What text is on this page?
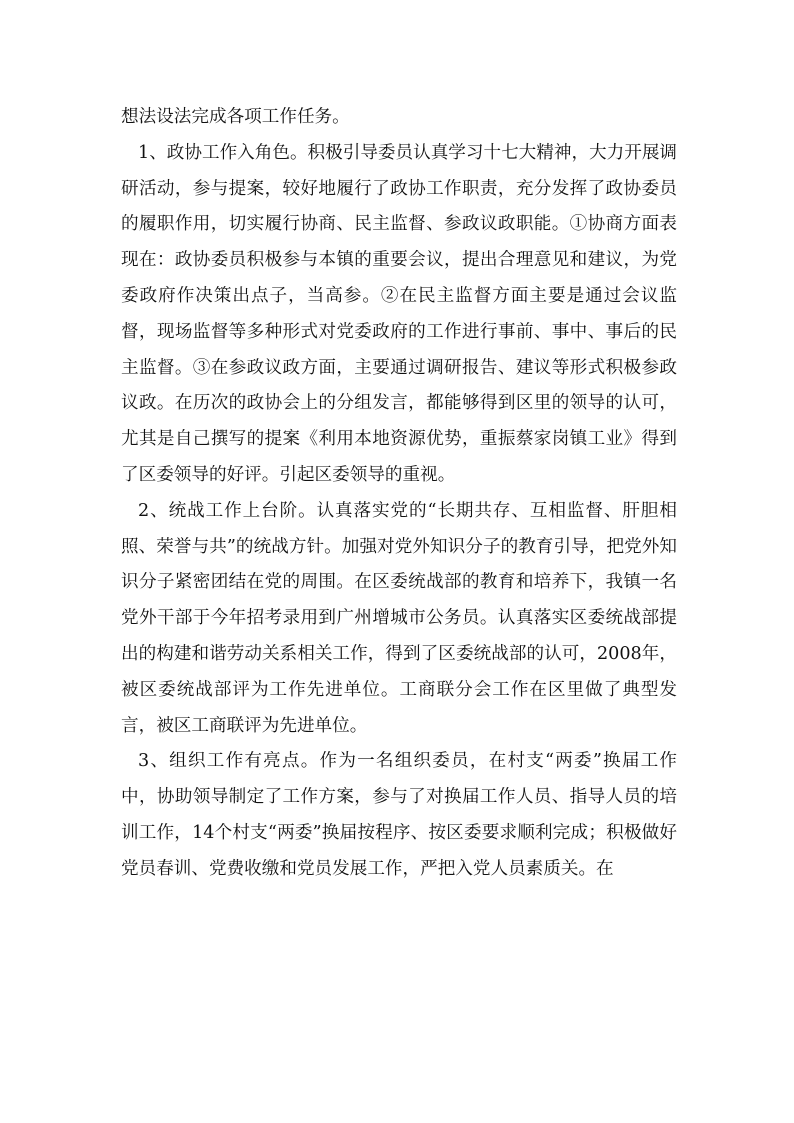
想法设法完成各项工作任务。

1、政协工作入角色。积极引导委员认真学习十七大精神，大力开展调研活动，参与提案，较好地履行了政协工作职责，充分发挥了政协委员的履职作用，切实履行协商、民主监督、参政议政职能。①协商方面表现在：政协委员积极参与本镇的重要会议，提出合理意见和建议，为党委政府作决策出点子，当高参。②在民主监督方面主要是通过会议监督，现场监督等多种形式对党委政府的工作进行事前、事中、事后的民主监督。③在参政议政方面，主要通过调研报告、建议等形式积极参政议政。在历次的政协会上的分组发言，都能够得到区里的领导的认可，尤其是自己撰写的提案《利用本地资源优势，重振蔡家岗镇工业》得到了区委领导的好评。引起区委领导的重视。

2、统战工作上台阶。认真落实党的“长期共存、互相监督、肝胆相照、荣誉与共”的统战方针。加强对党外知识分子的教育引导，把党外知识分子紧密团结在党的周围。在区委统战部的教育和培养下，我镇一名党外干部于今年招考录用到广州增城市公务员。认真落实区委统战部提出的构建和谐劳动关系相关工作，得到了区委统战部的认可，2008年，被区委统战部评为工作先进单位。工商联分会工作在区里做了典型发言，被区工商联评为先进单位。

3、组织工作有亮点。作为一名组织委员，在村支“两委”换届工作中，协助领导制定了工作方案，参与了对换届工作人员、指导人员的培训工作，14个村支“两委”换届按程序、按区委要求顺利完成；积极做好党员春训、党费收缴和党员发展工作，严把入党人员素质关。在
